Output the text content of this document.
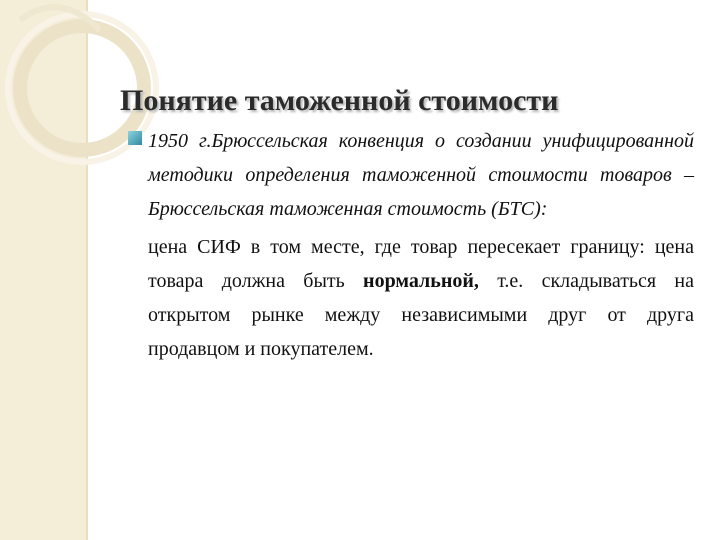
Понятие таможенной стоимости

1950 г.Брюссельская конвенция о создании унифицированной методики определения таможенной стоимости товаров – Брюссельская таможенная стоимость (БТС):

цена СИФ в том месте, где товар пересекает границу: цена товара должна быть нормальной, т.е. складываться на открытом рынке между независимыми друг от друга продавцом и покупателем.
